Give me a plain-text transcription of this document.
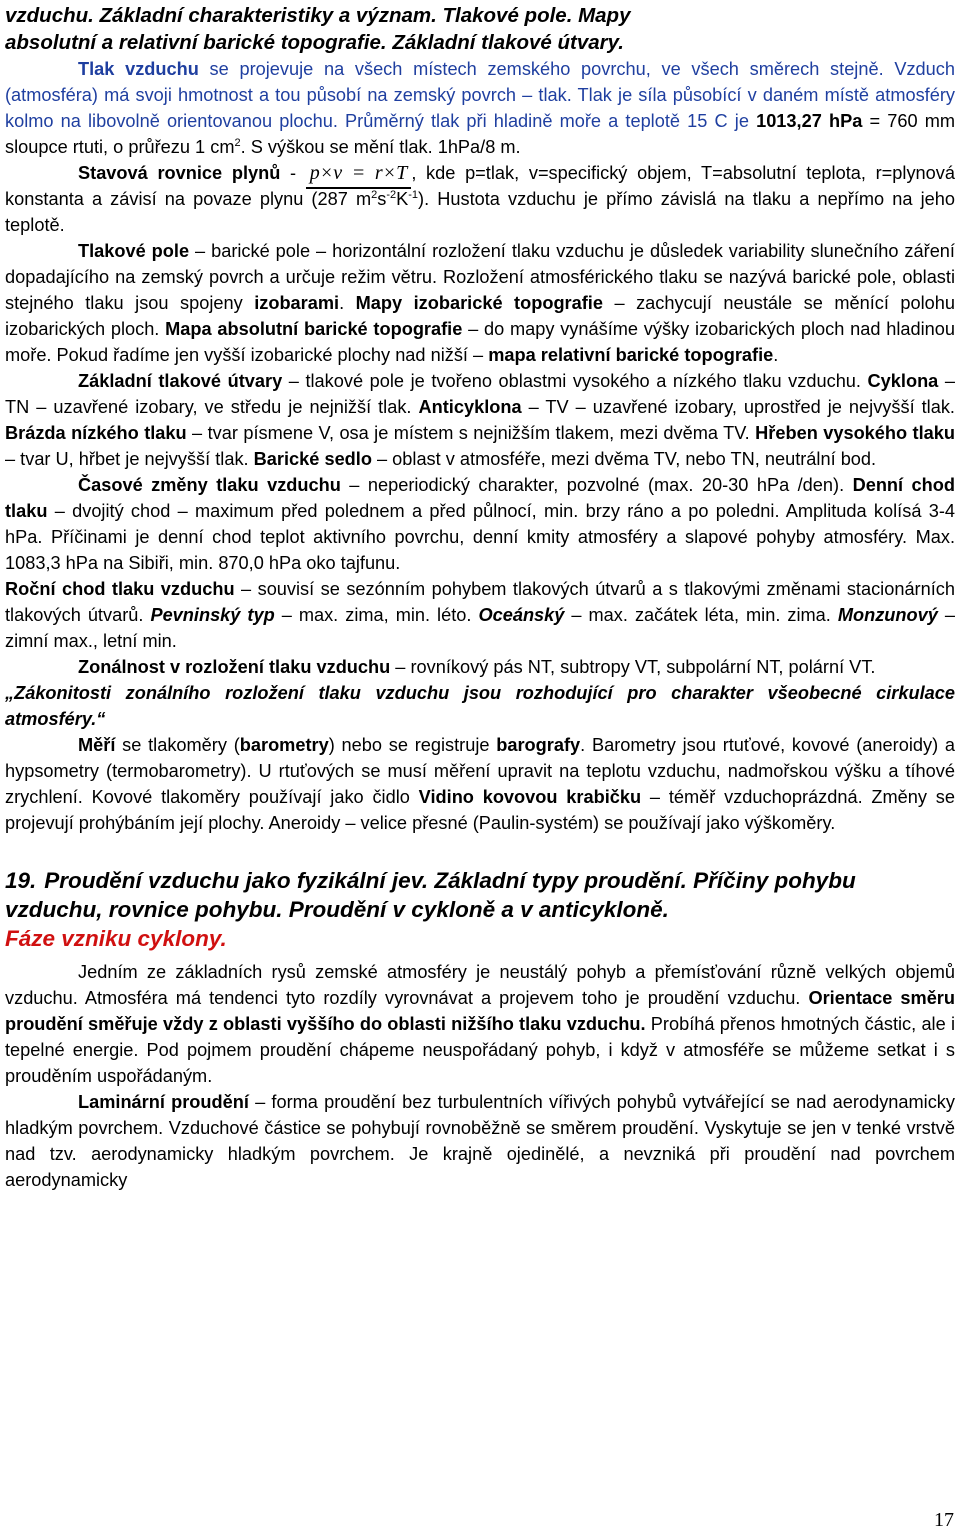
vzduchu. Základní charakteristiky a význam. Tlakové pole. Mapy
absolutní a relativní barické topografie. Základní tlakové útvary.

Tlak vzduchu se projevuje na všech místech zemského povrchu, ve všech směrech stejně. Vzduch (atmosféra) má svoji hmotnost a tou působí na zemský povrch – tlak. Tlak je síla působící v daném místě atmosféry kolmo na libovolně orientovanou plochu. Průměrný tlak při hladině moře a teplotě 15 C je 1013,27 hPa = 760 mm sloupce rtuti, o průřezu 1 $cm^2$. S výškou se mění tlak. 1hPa/8 m.

Stavová rovnice plynů - p×v = r×T , kde p=tlak, v=specifický objem, T=absolutní teplota, r=plynová konstanta a závisí na povaze plynu (287 $m^2s^{-2}K^{-1}$). Hustota vzduchu je přímo závislá na tlaku a nepřímo na jeho teplotě.

Tlakové pole – barické pole – horizontální rozložení tlaku vzduchu je důsledek variability slunečního záření dopadajícího na zemský povrch a určuje režim větru. Rozložení atmosférického tlaku se nazývá barické pole, oblasti stejného tlaku jsou spojeny izobarami. Mapy izobarické topografie – zachycují neustále se měnící polohu izobarických ploch. Mapa absolutní barické topografie – do mapy vynášíme výšky izobarických ploch nad hladinou moře. Pokud řadíme jen vyšší izobarické plochy nad nižší – mapa relativní barické topografie.

Základní tlakové útvary – tlakové pole je tvořeno oblastmi vysokého a nízkého tlaku vzduchu. Cyklona – TN – uzavřené izobary, ve středu je nejnižší tlak. Anticyklona – TV – uzavřené izobary, uprostřed je nejvyšší tlak. Brázda nízkého tlaku – tvar písmene V, osa je místem s nejnižším tlakem, mezi dvěma TV. Hřeben vysokého tlaku – tvar U, hřbet je nejvyšší tlak. Barické sedlo – oblast v atmosféře, mezi dvěma TV, nebo TN, neutrální bod.

Časové změny tlaku vzduchu – neperiodický charakter, pozvolné (max. 20-30 hPa /den). Denní chod tlaku – dvojitý chod – maximum před polednem a před půlnocí, min. brzy ráno a po poledni. Amplituda kolísá 3-4 hPa. Příčinami je denní chod teplot aktivního povrchu, denní kmity atmosféry a slapové pohyby atmosféry. Max. 1083,3 hPa na Sibiři, min. 870,0 hPa oko tajfunu.

Roční chod tlaku vzduchu – souvisí se sezónním pohybem tlakových útvarů a s tlakovými změnami stacionárních tlakových útvarů. Pevninský typ – max. zima, min. léto. Oceánský – max. začátek léta, min. zima. Monzunový – zimní max., letní min.

Zonálnost v rozložení tlaku vzduchu – rovníkový pás NT, subtropy VT, subpolární NT, polární VT.

„Zákonitosti zonálního rozložení tlaku vzduchu jsou rozhodující pro charakter všeobecné cirkulace atmosféry.“

Měří se tlakoměry (barometry) nebo se registruje barografy. Barometry jsou rtuťové, kovové (aneroidy) a hypsometry (termobarometry). U rtuťových se musí měření upravit na teplotu vzduchu, nadmořskou výšku a tíhové zrychlení. Kovové tlakoměry používají jako čidlo Vidino kovovou krabičku – téměř vzduchoprázdná. Změny se projevují prohýbáním její plochy. Aneroidy – velice přesné (Paulin-systém) se používají jako výškoměry.

19. Proudění vzduchu jako fyzikální jev. Základní typy proudění. Příčiny pohybu vzduchu, rovnice pohybu. Proudění v cykloně a v anticykloně.
Fáze vzniku cyklony.

Jedním ze základních rysů zemské atmosféry je neustálý pohyb a přemísťování různě velkých objemů vzduchu. Atmosféra má tendenci tyto rozdíly vyrovnávat a projevem toho je proudění vzduchu. Orientace směru proudění směřuje vždy z oblasti vyššího do oblasti nižšího tlaku vzduchu. Probíhá přenos hmotných částic, ale i tepelné energie. Pod pojmem proudění chápeme neuspořádaný pohyb, i když v atmosféře se můžeme setkat i s prouděním uspořádaným.

Laminární proudění – forma proudění bez turbulentních vířivých pohybů vytvářející se nad aerodynamicky hladkým povrchem. Vzduchové částice se pohybují rovnoběžně se směrem proudění. Vyskytuje se jen v tenké vrstvě nad tzv. aerodynamicky hladkým povrchem. Je krajně ojedinělé, a nevzniká při proudění nad povrchem aerodynamicky

17
